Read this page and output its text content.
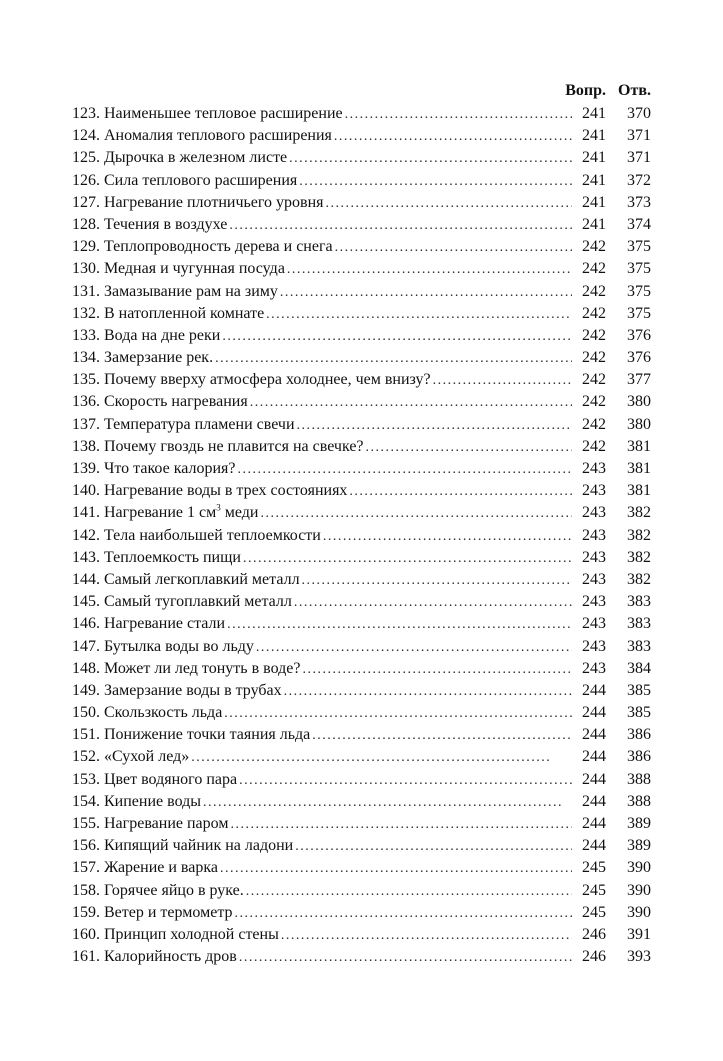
Вопр. Отв.
123. Наименьшее тепловое расширение . . .	241	370
124. Аномалия теплового расширения . . .	241	371
125. Дырочка в железном листе . . .	241	371
126. Сила теплового расширения . . .	241	372
127. Нагревание плотничьего уровня . . .	241	373
128. Течения в воздухе . . .	241	374
129. Теплопроводность дерева и снега . . .	242	375
130. Медная и чугунная посуда . . .	242	375
131. Замазывание рам на зиму . . .	242	375
132. В натопленной комнате . . .	242	375
133. Вода на дне реки . . .	242	376
134. Замерзание рек. . . .	242	376
135. Почему вверху атмосфера холоднее, чем внизу? . . .	242	377
136. Скорость нагревания . . .	242	380
137. Температура пламени свечи . . .	242	380
138. Почему гвоздь не плавится на свечке? . . .	242	381
139. Что такое калория? . . .	243	381
140. Нагревание воды в трех состояниях . . .	243	381
141. Нагревание 1 $см^3$ меди . . .	243	382
142. Тела наибольшей теплоемкости . . .	243	382
143. Теплоемкость пищи . . .	243	382
144. Самый легкоплавкий металл . . .	243	382
145. Самый тугоплавкий металл . . .	243	383
146. Нагревание стали . . .	243	383
147. Бутылка воды во льду . . .	243	383
148. Может ли лед тонуть в воде? . . .	243	384
149. Замерзание воды в трубах . . .	244	385
150. Скользкость льда . . .	244	385
151. Понижение точки таяния льда . . .	244	386
152. «Сухой лед» . . .	244	386
153. Цвет водяного пара . . .	244	388
154. Кипение воды . . .	244	388
155. Нагревание паром . . .	244	389
156. Кипящий чайник на ладони . . .	244	389
157. Жарение и варка . . .	245	390
158. Горячее яйцо в руке. . . .	245	390
159. Ветер и термометр . . .	245	390
160. Принцип холодной стены . . .	246	391
161. Калорийность дров . . .	246	393
